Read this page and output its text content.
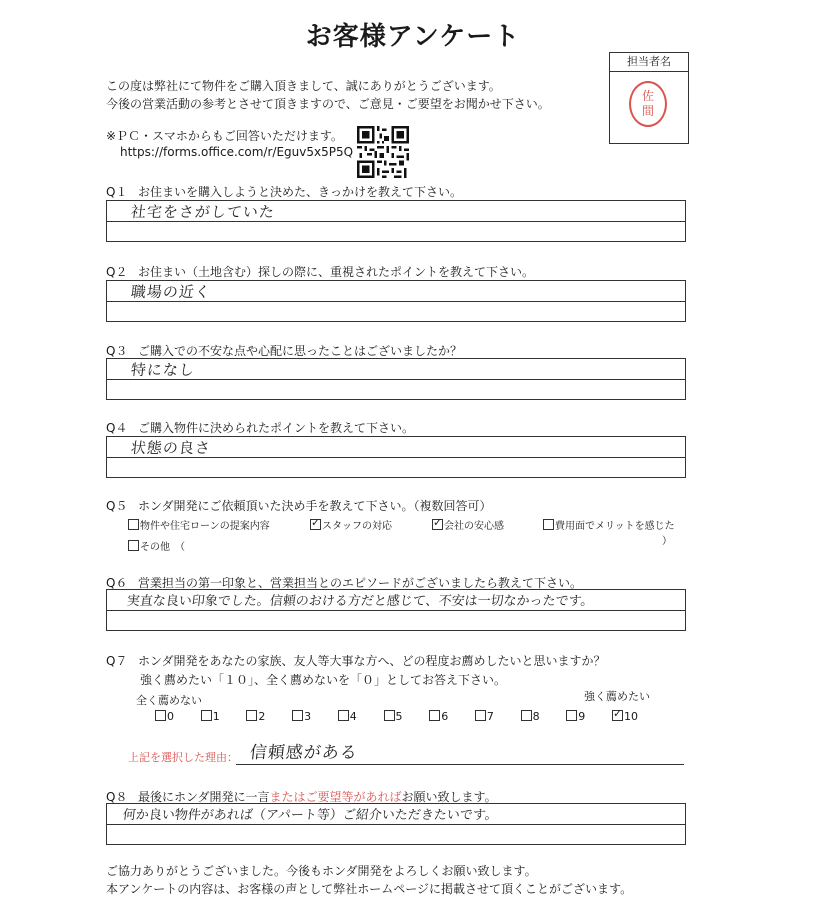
お客様アンケート
担当者名
佐
間
この度は弊社にて物件をご購入頂きまして、誠にありがとうございます。
今後の営業活動の参考とさせて頂きますので、ご意見・ご要望をお聞かせ下さい。
※ＰＣ・スマホからもご回答いただけます。
https://forms.office.com/r/Eguv5x5P5Q
Q１ お住まいを購入しようと決めた、きっかけを教えて下さい。
社宅をさがしていた
Q２ お住まい（土地含む）探しの際に、重視されたポイントを教えて下さい。
職場の近く
Q３ ご購入での不安な点や心配に思ったことはございましたか？
特になし
Q４ ご購入物件に決められたポイントを教えて下さい。
状態の良さ
Q５ ホンダ開発にご依頼頂いた決め手を教えて下さい。（複数回答可）
物件や住宅ローンの提案内容 ✓	スタッフの対応 ✓	会社の安心感	費用面でメリットを感じた
その他　（
）
Q６ 営業担当の第一印象と、営業担当とのエピソードがございましたら教えて下さい。
実直な良い印象でした。信頼のおける方だと感じて、不安は一切なかったです。
Q７ ホンダ開発をあなたの家族、友人等大事な方へ、どの程度お薦めしたいと思いますか？
強く薦めたい「１０」、全く薦めないを「０」としてお答え下さい。
全く薦めない	強く薦めたい
0	1	2	3	4	5	6	7	8	9 ✓	10
上記を選択した理由： 信頼感がある
Q８ 最後にホンダ開発に一言またはご要望等があればお願い致します。
何か良い物件があれば（アパート等）ご紹介いただきたいです。
ご協力ありがとうございました。今後もホンダ開発をよろしくお願い致します。
本アンケートの内容は、お客様の声として弊社ホームページに掲載させて頂くことがございます。
